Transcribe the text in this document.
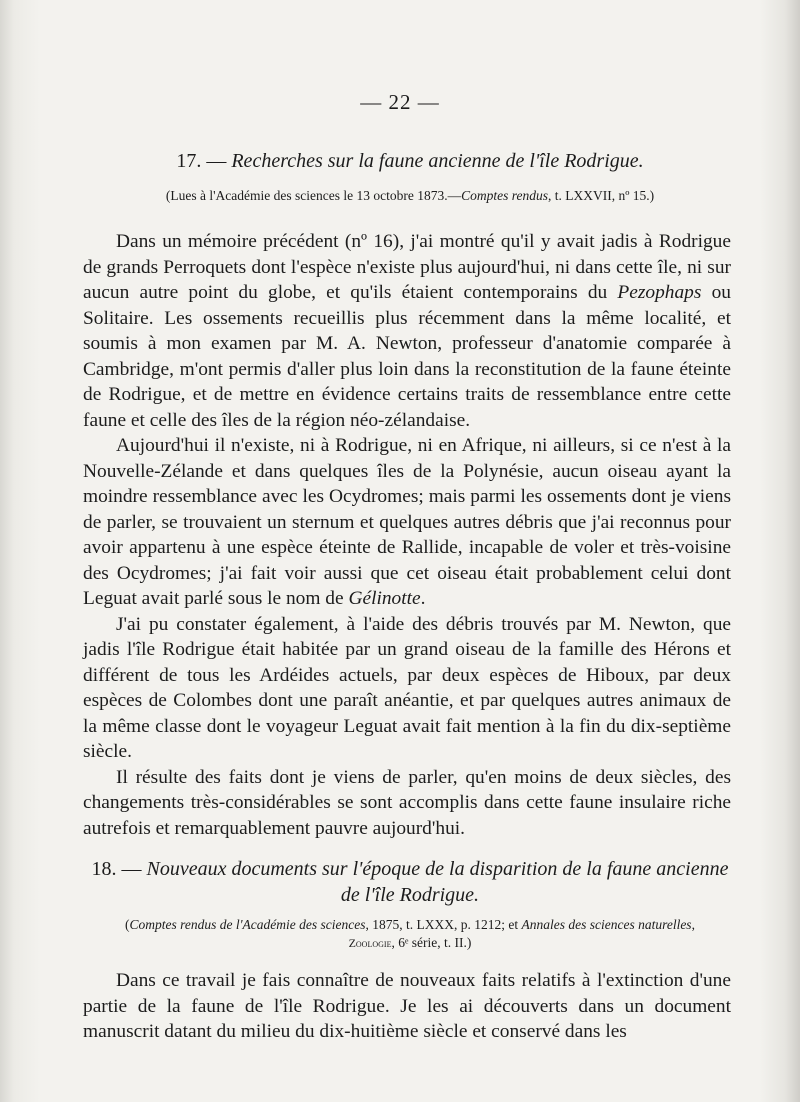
— 22 —
17. — Recherches sur la faune ancienne de l'île Rodrigue.
(Lues à l'Académie des sciences le 13 octobre 1873.—Comptes rendus, t. LXXVII, nº 15.)

Dans un mémoire précédent (nº 16), j'ai montré qu'il y avait jadis à Rodrigue de grands Perroquets dont l'espèce n'existe plus aujourd'hui, ni dans cette île, ni sur aucun autre point du globe, et qu'ils étaient contemporains du Pezophaps ou Solitaire. Les ossements recueillis plus récemment dans la même localité, et soumis à mon examen par M. A. Newton, professeur d'anatomie comparée à Cambridge, m'ont permis d'aller plus loin dans la reconstitution de la faune éteinte de Rodrigue, et de mettre en évidence certains traits de ressemblance entre cette faune et celle des îles de la région néo-zélandaise.

Aujourd'hui il n'existe, ni à Rodrigue, ni en Afrique, ni ailleurs, si ce n'est à la Nouvelle-Zélande et dans quelques îles de la Polynésie, aucun oiseau ayant la moindre ressemblance avec les Ocydromes; mais parmi les ossements dont je viens de parler, se trouvaient un sternum et quelques autres débris que j'ai reconnus pour avoir appartenu à une espèce éteinte de Rallide, incapable de voler et très-voisine des Ocydromes; j'ai fait voir aussi que cet oiseau était probablement celui dont Leguat avait parlé sous le nom de Gélinotte.

J'ai pu constater également, à l'aide des débris trouvés par M. Newton, que jadis l'île Rodrigue était habitée par un grand oiseau de la famille des Hérons et différent de tous les Ardéides actuels, par deux espèces de Hiboux, par deux espèces de Colombes dont une paraît anéantie, et par quelques autres animaux de la même classe dont le voyageur Leguat avait fait mention à la fin du dix-septième siècle.

Il résulte des faits dont je viens de parler, qu'en moins de deux siècles, des changements très-considérables se sont accomplis dans cette faune insulaire riche autrefois et remarquablement pauvre aujourd'hui.

18. — Nouveaux documents sur l'époque de la disparition de la faune ancienne
de l'île Rodrigue.
(Comptes rendus de l'Académie des sciences, 1875, t. LXXX, p. 1212; et Annales des sciences naturelles,
Zoologie, 6ᵉ série, t. II.)

Dans ce travail je fais connaître de nouveaux faits relatifs à l'extinction d'une partie de la faune de l'île Rodrigue. Je les ai découverts dans un document manuscrit datant du milieu du dix-huitième siècle et conservé dans les
